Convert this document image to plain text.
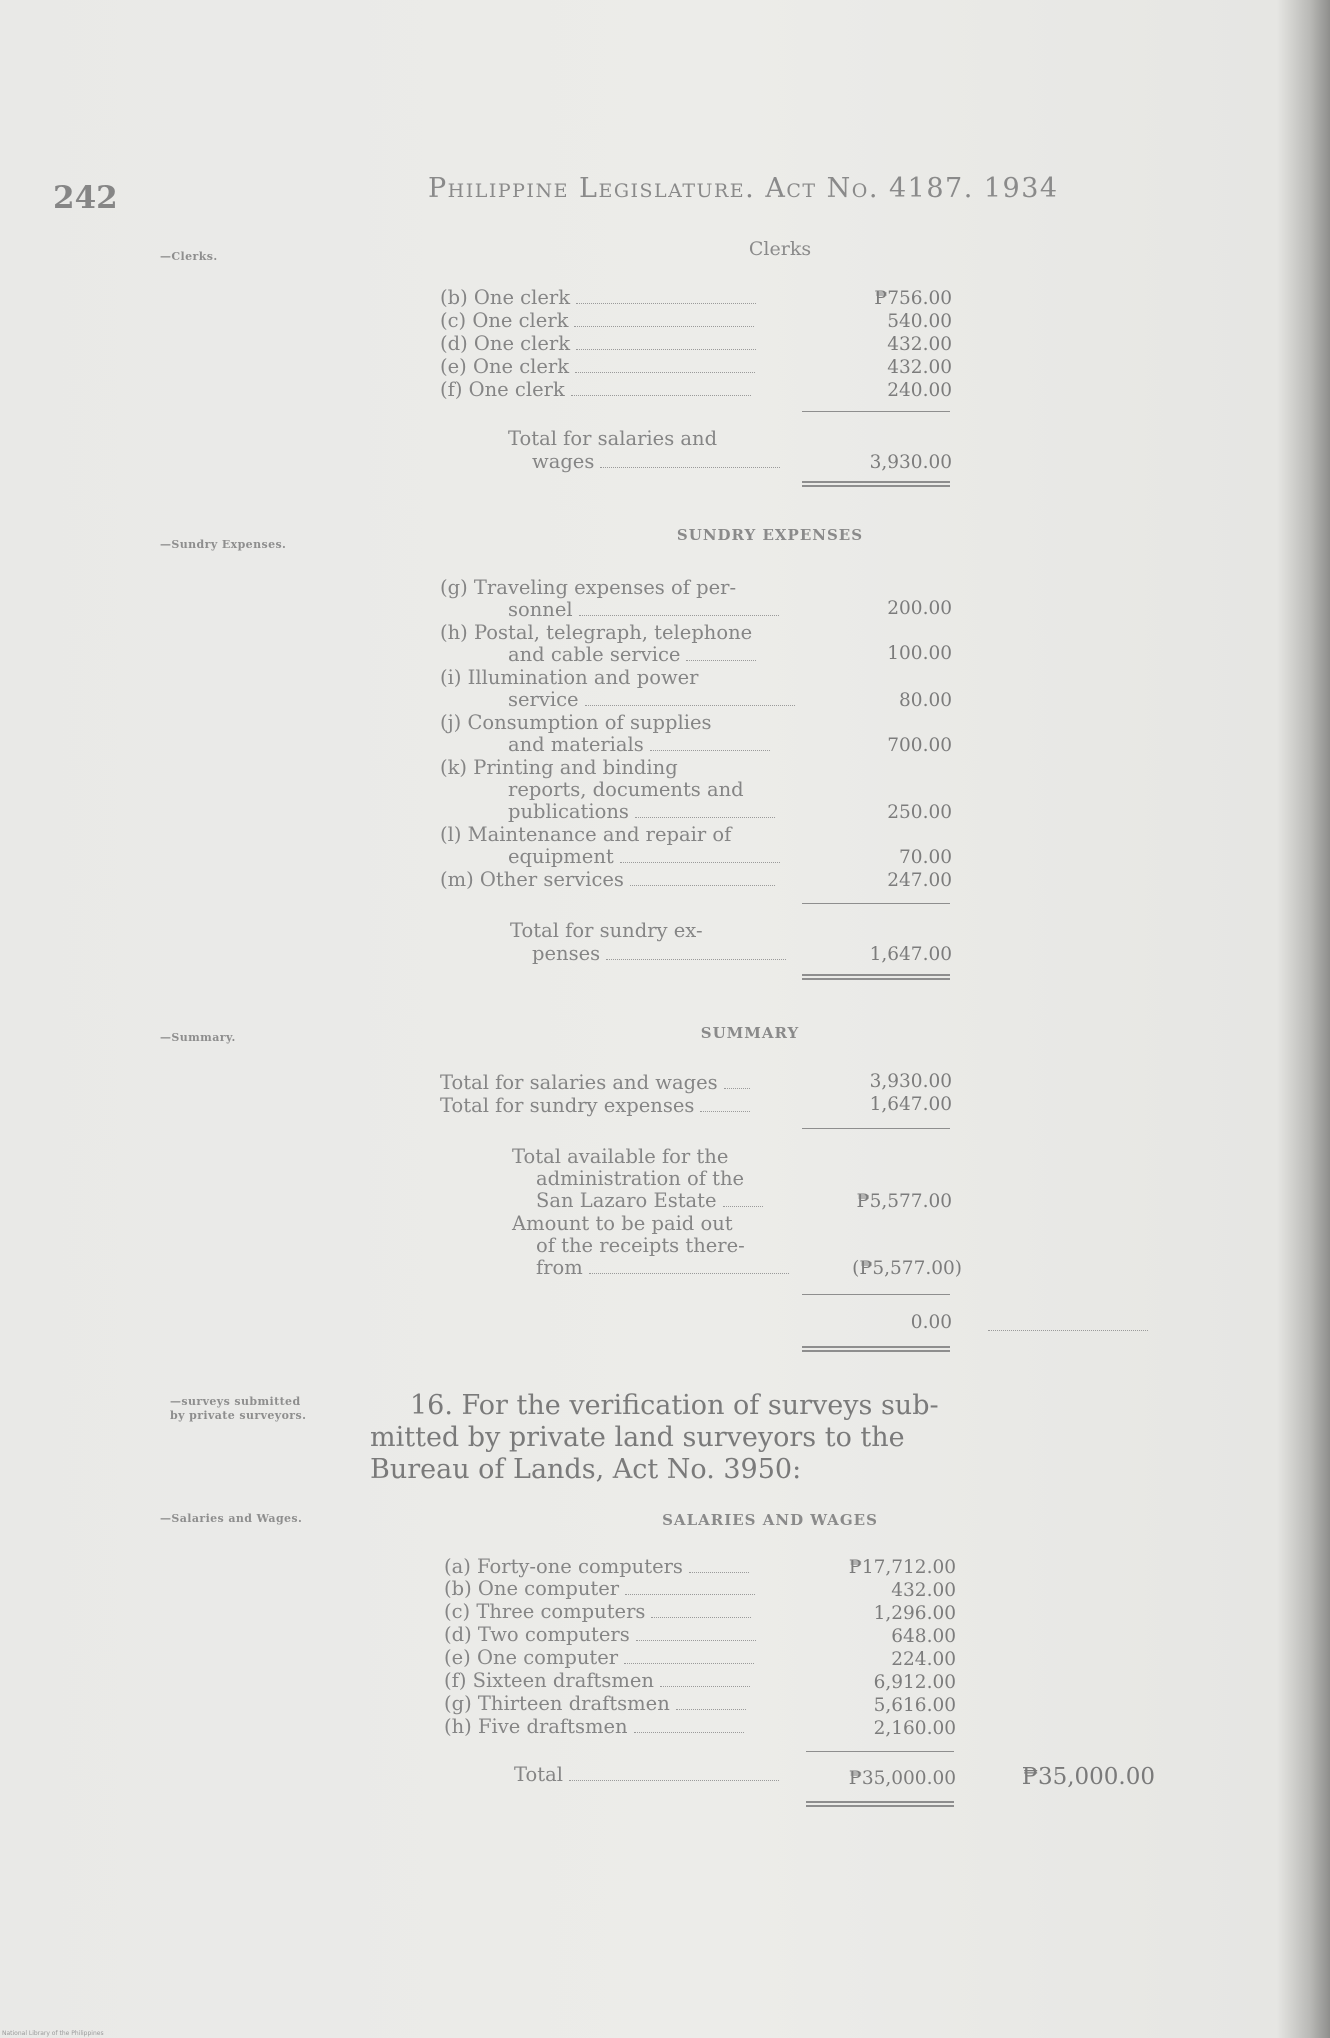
242	Philippine Legislature. Act No. 4187. 1934
—Clerks.	Clerks
(b) One clerk	₱756.00
(c) One clerk	540.00
(d) One clerk	432.00
(e) One clerk	432.00
(f) One clerk	240.00
Total for salaries and
wages	3,930.00
—Sundry Expenses.
SUNDRY EXPENSES
(g) Traveling expenses of per-
sonnel	200.00
(h) Postal, telegraph, telephone
and cable service	100.00
(i) Illumination and power
service	80.00
(j) Consumption of supplies
and materials	700.00
(k) Printing and binding
reports, documents and
publications	250.00
(l) Maintenance and repair of
equipment	70.00
(m) Other services	247.00
Total for sundry ex-
penses	1,647.00
—Summary.	SUMMARY
Total for salaries and wages	3,930.00
Total for sundry expenses	1,647.00
Total available for the
administration of the
San Lazaro Estate	₱5,577.00
Amount to be paid out
of the receipts there-
from	(₱5,577.00)
0.00
—surveys submitted
by private surveyors.	16. For the verification of surveys sub-
mitted by private land surveyors to the
Bureau of Lands, Act No. 3950:
—Salaries and Wages.	SALARIES AND WAGES
(a) Forty-one computers	₱17,712.00
(b) One computer	432.00
(c) Three computers	1,296.00
(d) Two computers	648.00
(e) One computer	224.00
(f) Sixteen draftsmen	6,912.00
(g) Thirteen draftsmen	5,616.00
(h) Five draftsmen	2,160.00
Total	₱35,000.00	₱35,000.00
National Library of the Philippines
